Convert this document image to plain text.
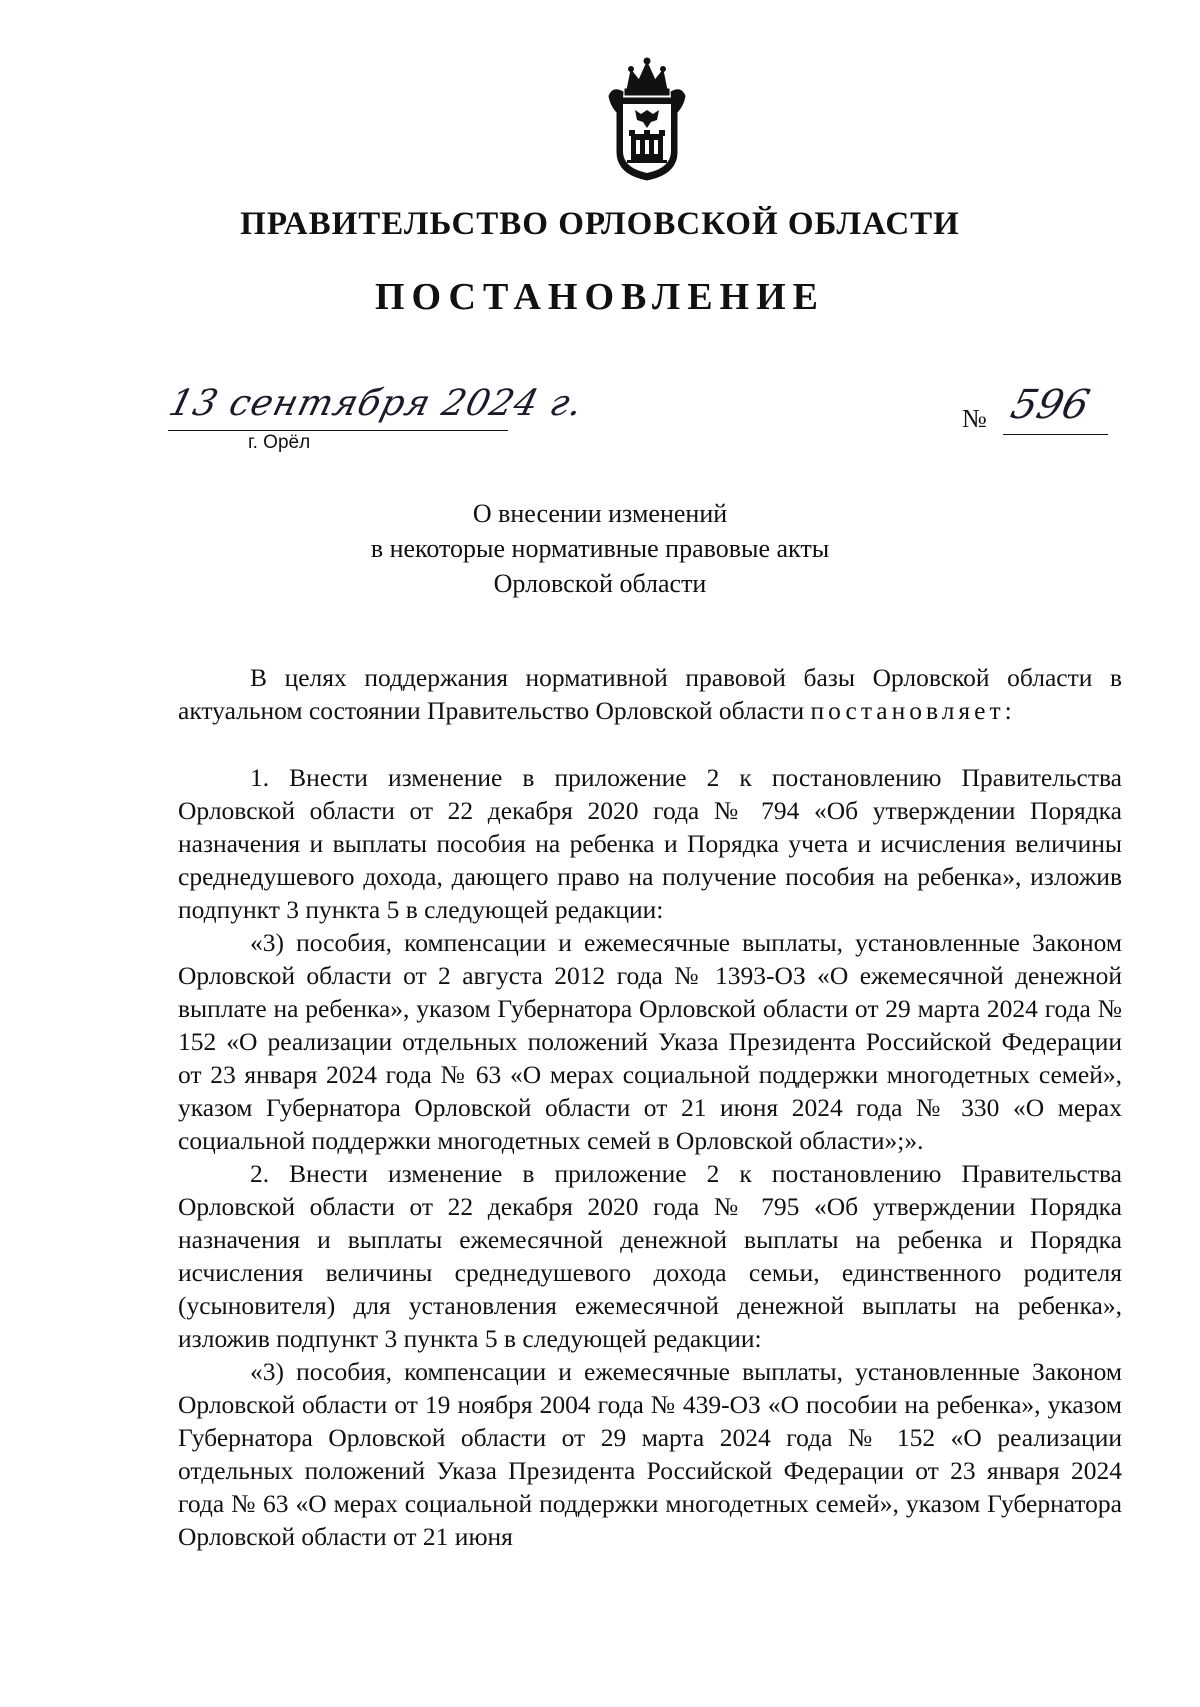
ПРАВИТЕЛЬСТВО ОРЛОВСКОЙ ОБЛАСТИ
ПОСТАНОВЛЕНИЕ
13 сентября 2024 г.
г. Орёл
№ 596
О внесении изменений
в некоторые нормативные правовые акты
Орловской области

В целях поддержания нормативной правовой базы Орловской области в актуальном состоянии Правительство Орловской области постановляет:

1. Внести изменение в приложение 2 к постановлению Правительства Орловской области от 22 декабря 2020 года № 794 «Об утверждении Порядка назначения и выплаты пособия на ребенка и Порядка учета и исчисления величины среднедушевого дохода, дающего право на получение пособия на ребенка», изложив подпункт 3 пункта 5 в следующей редакции:

«3) пособия, компенсации и ежемесячные выплаты, установленные Законом Орловской области от 2 августа 2012 года № 1393-ОЗ «О ежемесячной денежной выплате на ребенка», указом Губернатора Орловской области от 29 марта 2024 года № 152 «О реализации отдельных положений Указа Президента Российской Федерации от 23 января 2024 года № 63 «О мерах социальной поддержки многодетных семей», указом Губернатора Орловской области от 21 июня 2024 года № 330 «О мерах социальной поддержки многодетных семей в Орловской области»;».

2. Внести изменение в приложение 2 к постановлению Правительства Орловской области от 22 декабря 2020 года № 795 «Об утверждении Порядка назначения и выплаты ежемесячной денежной выплаты на ребенка и Порядка исчисления величины среднедушевого дохода семьи, единственного родителя (усыновителя) для установления ежемесячной денежной выплаты на ребенка», изложив подпункт 3 пункта 5 в следующей редакции:

«3) пособия, компенсации и ежемесячные выплаты, установленные Законом Орловской области от 19 ноября 2004 года № 439-ОЗ «О пособии на ребенка», указом Губернатора Орловской области от 29 марта 2024 года № 152 «О реализации отдельных положений Указа Президента Российской Федерации от 23 января 2024 года № 63 «О мерах социальной поддержки многодетных семей», указом Губернатора Орловской области от 21 июня
